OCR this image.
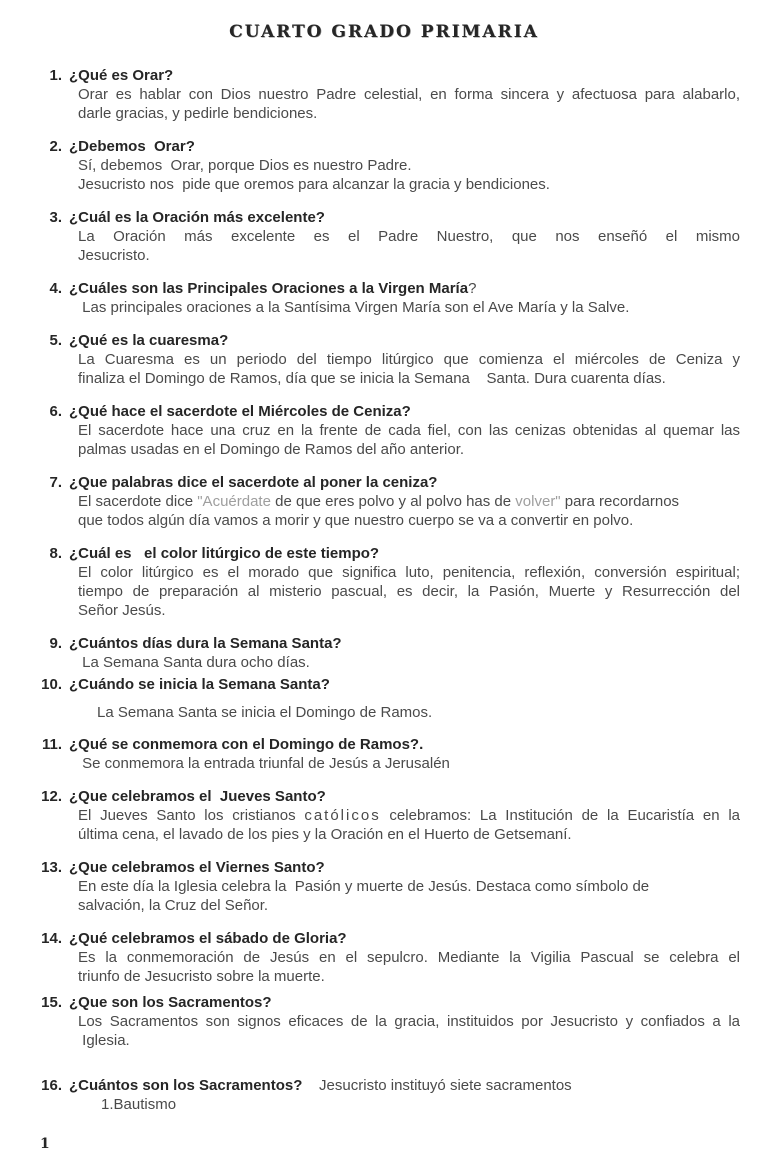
CUARTO GRADO PRIMARIA
1. ¿Qué es Orar?
Orar es hablar con Dios nuestro Padre celestial, en forma sincera y afectuosa para alabarlo,
darle gracias, y pedirle bendiciones.
2. ¿Debemos  Orar?
Sí, debemos  Orar, porque Dios es nuestro Padre.
Jesucristo nos  pide que oremos para alcanzar la gracia y bendiciones.
3. ¿Cuál es la Oración más excelente?
La Oración más excelente es el Padre Nuestro, que nos enseñó el mismo
Jesucristo.
4. ¿Cuáles son las Principales Oraciones a la Virgen María?
Las principales oraciones a la Santísima Virgen María son el Ave María y la Salve.
5. ¿Qué es la cuaresma?
La Cuaresma es un periodo del tiempo litúrgico que comienza el miércoles de Ceniza y
finaliza el Domingo de Ramos, día que se inicia la Semana    Santa. Dura cuarenta días.
6. ¿Qué hace el sacerdote el Miércoles de Ceniza?
El sacerdote hace una cruz en la frente de cada fiel, con las cenizas obtenidas al quemar las
palmas usadas en el Domingo de Ramos del año anterior.
7. ¿Que palabras dice el sacerdote al poner la ceniza?
El sacerdote dice "Acuérdate de que eres polvo y al polvo has de volver" para recordarnos
que todos algún día vamos a morir y que nuestro cuerpo se va a convertir en polvo.
8. ¿Cuál es   el color litúrgico de este tiempo?
El color litúrgico es el morado que significa luto, penitencia, reflexión, conversión espiritual;
tiempo de preparación al misterio pascual, es decir, la Pasión, Muerte y Resurrección del
Señor Jesús.
9. ¿Cuántos días dura la Semana Santa?
La Semana Santa dura ocho días.
10. ¿Cuándo se inicia la Semana Santa?
La Semana Santa se inicia el Domingo de Ramos.
11. ¿Qué se conmemora con el Domingo de Ramos?.
Se conmemora la entrada triunfal de Jesús a Jerusalén
12. ¿Que celebramos el  Jueves Santo?
El Jueves Santo los cristianos católicos celebramos: La Institución de la Eucaristía en la
última cena, el lavado de los pies y la Oración en el Huerto de Getsemaní.
13. ¿Que celebramos el Viernes Santo?
En este día la Iglesia celebra la  Pasión y muerte de Jesús. Destaca como símbolo de
salvación, la Cruz del Señor.
14. ¿Qué celebramos el sábado de Gloria?
Es la conmemoración de Jesús en el sepulcro. Mediante la Vigilia Pascual se celebra el
triunfo de Jesucristo sobre la muerte.
15. ¿Que son los Sacramentos?
Los Sacramentos son signos eficaces de la gracia, instituidos por Jesucristo y confiados a la
Iglesia.
16. ¿Cuántos son los Sacramentos?    Jesucristo instituyó siete sacramentos
1.Bautismo
1
